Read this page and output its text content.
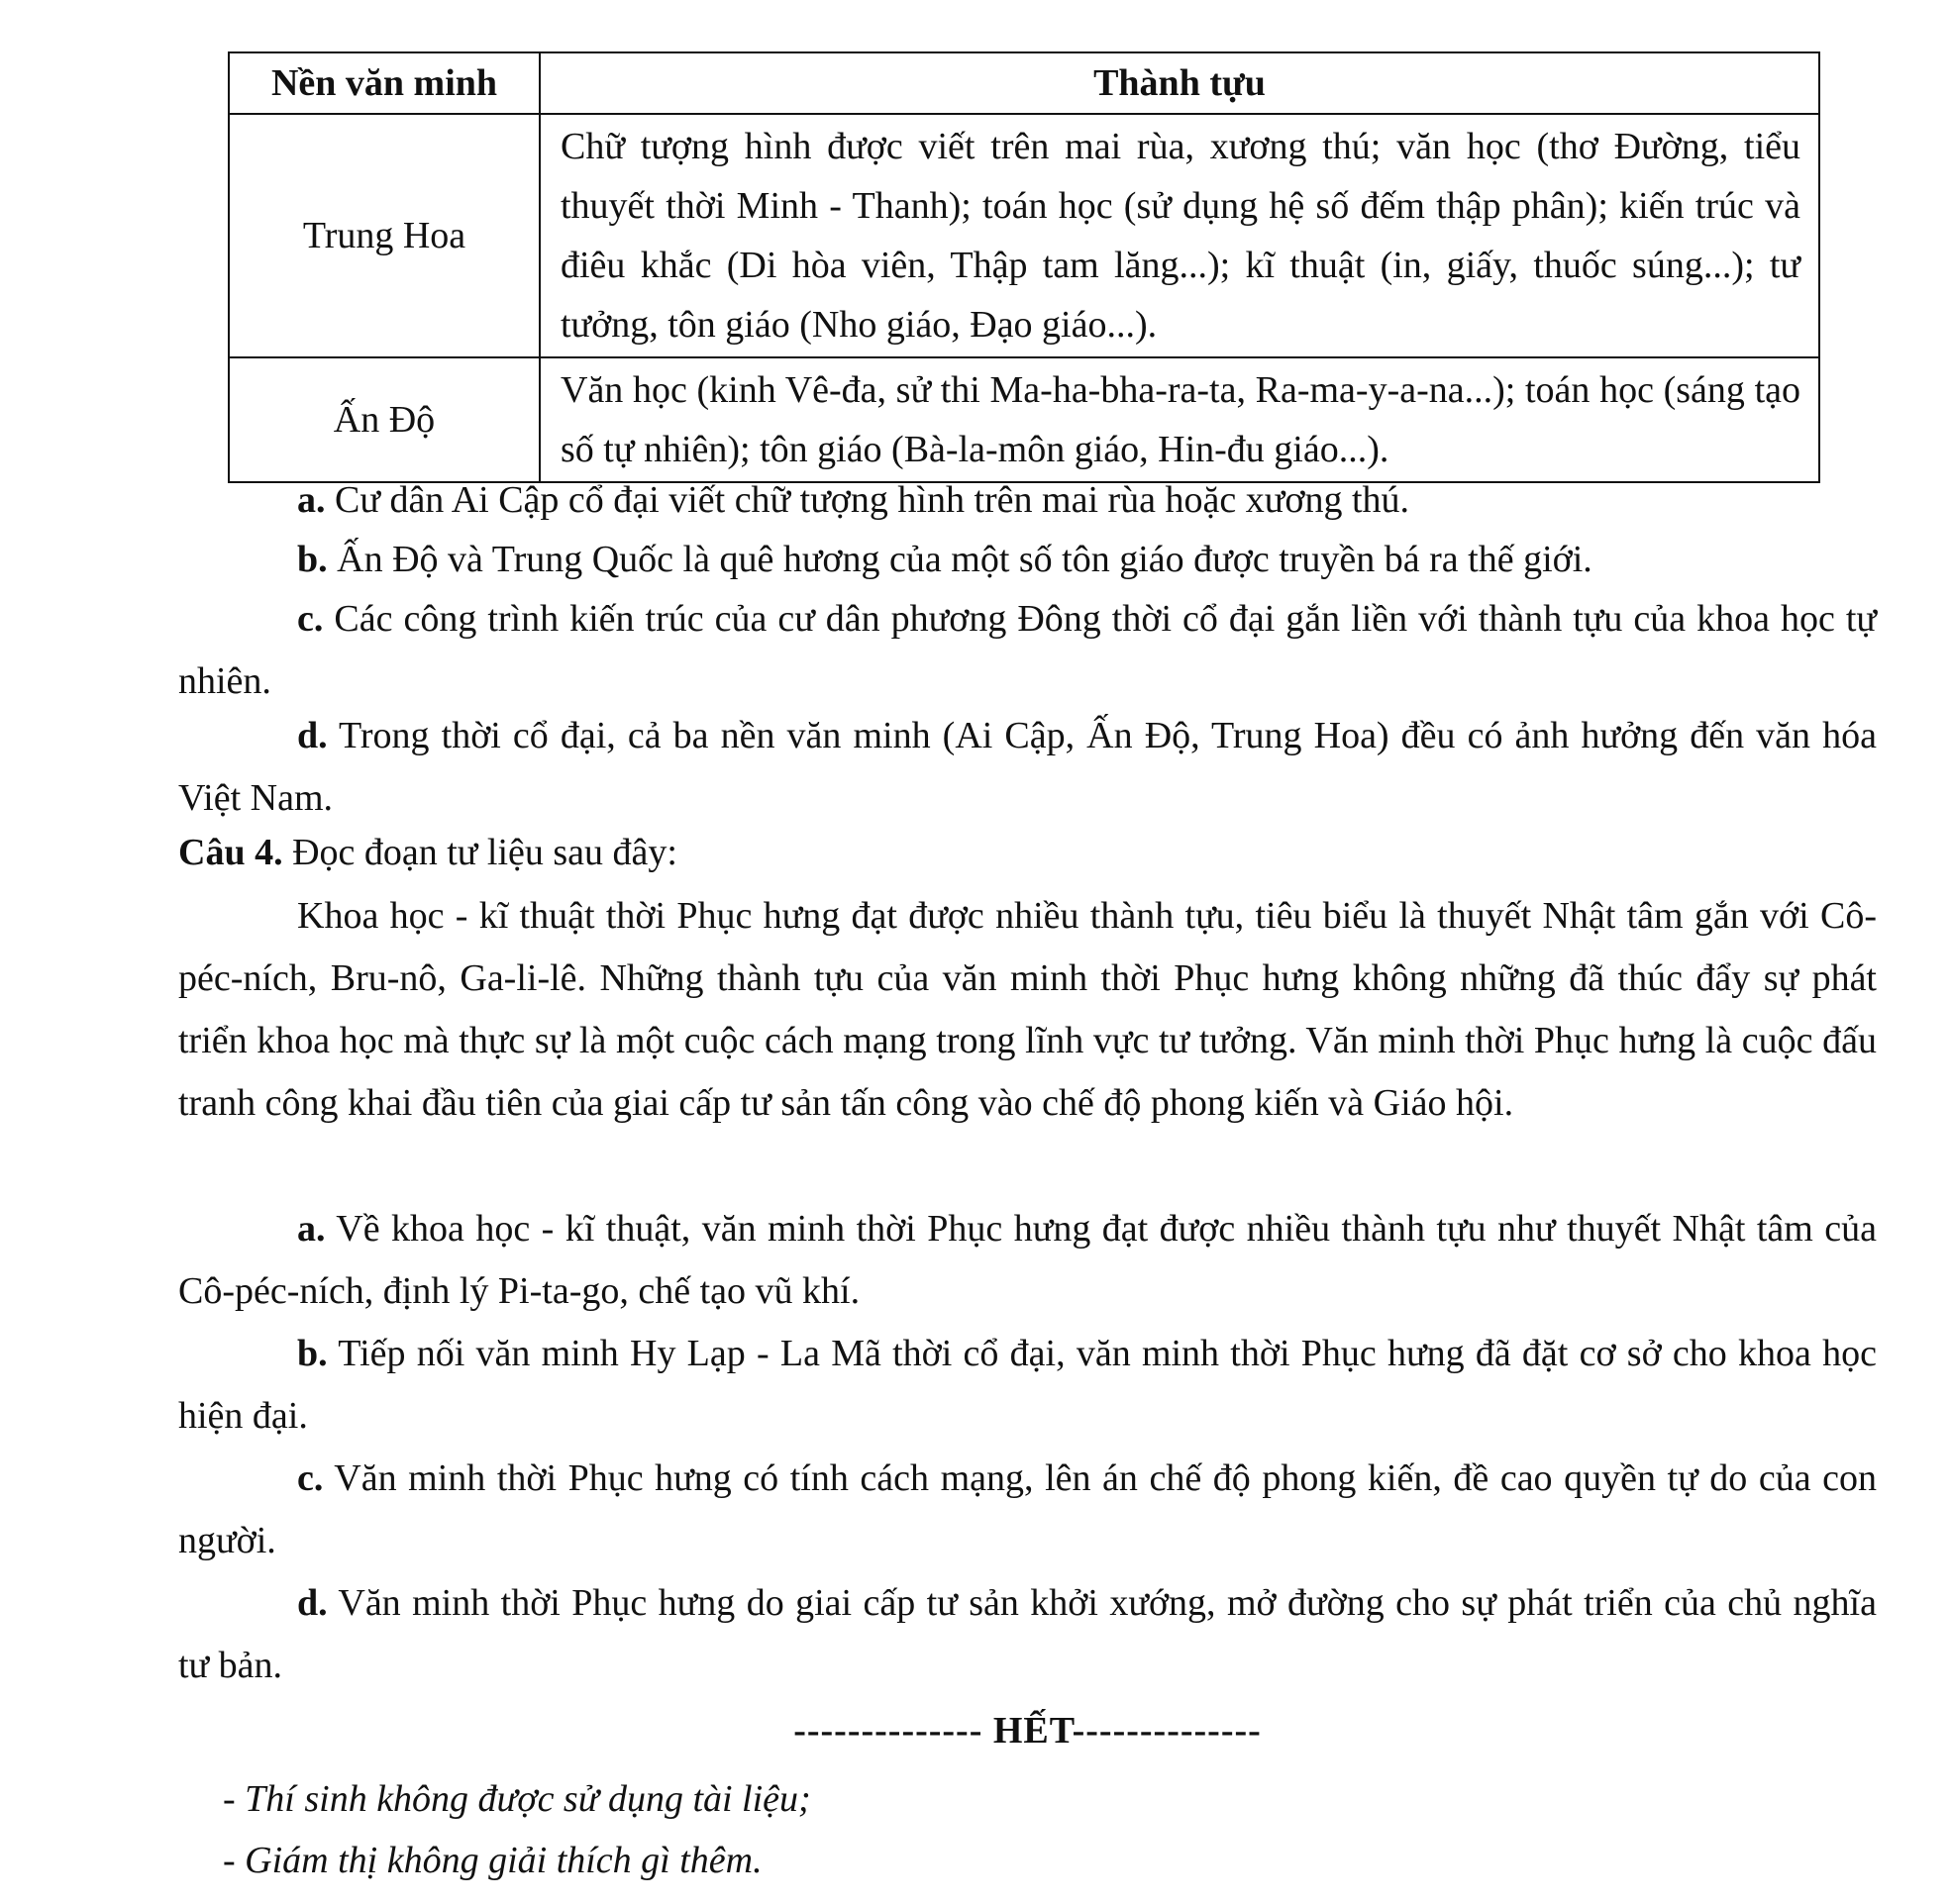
Nền văn minh	Thành tựu
Trung Hoa	Chữ tượng hình được viết trên mai rùa, xương thú; văn học (thơ Đường, tiểu thuyết thời Minh - Thanh); toán học (sử dụng hệ số đếm thập phân); kiến trúc và điêu khắc (Di hòa viên, Thập tam lăng...); kĩ thuật (in, giấy, thuốc súng...); tư tưởng, tôn giáo (Nho giáo, Đạo giáo...).
Ấn Độ	Văn học (kinh Vê-đa, sử thi Ma-ha-bha-ra-ta, Ra-ma-y-a-na...); toán học (sáng tạo số tự nhiên); tôn giáo (Bà-la-môn giáo, Hin-đu giáo...).

a. Cư dân Ai Cập cổ đại viết chữ tượng hình trên mai rùa hoặc xương thú.

b. Ấn Độ và Trung Quốc là quê hương của một số tôn giáo được truyền bá ra thế giới.

c. Các công trình kiến trúc của cư dân phương Đông thời cổ đại gắn liền với thành tựu của khoa học tự nhiên.

d. Trong thời cổ đại, cả ba nền văn minh (Ai Cập, Ấn Độ, Trung Hoa) đều có ảnh hưởng đến văn hóa Việt Nam.

Câu 4. Đọc đoạn tư liệu sau đây:

Khoa học - kĩ thuật thời Phục hưng đạt được nhiều thành tựu, tiêu biểu là thuyết Nhật tâm gắn với Cô-péc-ních, Bru-nô, Ga-li-lê. Những thành tựu của văn minh thời Phục hưng không những đã thúc đẩy sự phát triển khoa học mà thực sự là một cuộc cách mạng trong lĩnh vực tư tưởng. Văn minh thời Phục hưng là cuộc đấu tranh công khai đầu tiên của giai cấp tư sản tấn công vào chế độ phong kiến và Giáo hội.

a. Về khoa học - kĩ thuật, văn minh thời Phục hưng đạt được nhiều thành tựu như thuyết Nhật tâm của Cô-péc-ních, định lý Pi-ta-go, chế tạo vũ khí.

b. Tiếp nối văn minh Hy Lạp - La Mã thời cổ đại, văn minh thời Phục hưng đã đặt cơ sở cho khoa học hiện đại.

c. Văn minh thời Phục hưng có tính cách mạng, lên án chế độ phong kiến, đề cao quyền tự do của con người.

d. Văn minh thời Phục hưng do giai cấp tư sản khởi xướng, mở đường cho sự phát triển của chủ nghĩa tư bản.

-------------- HẾT--------------
- Thí sinh không được sử dụng tài liệu;
- Giám thị không giải thích gì thêm.
